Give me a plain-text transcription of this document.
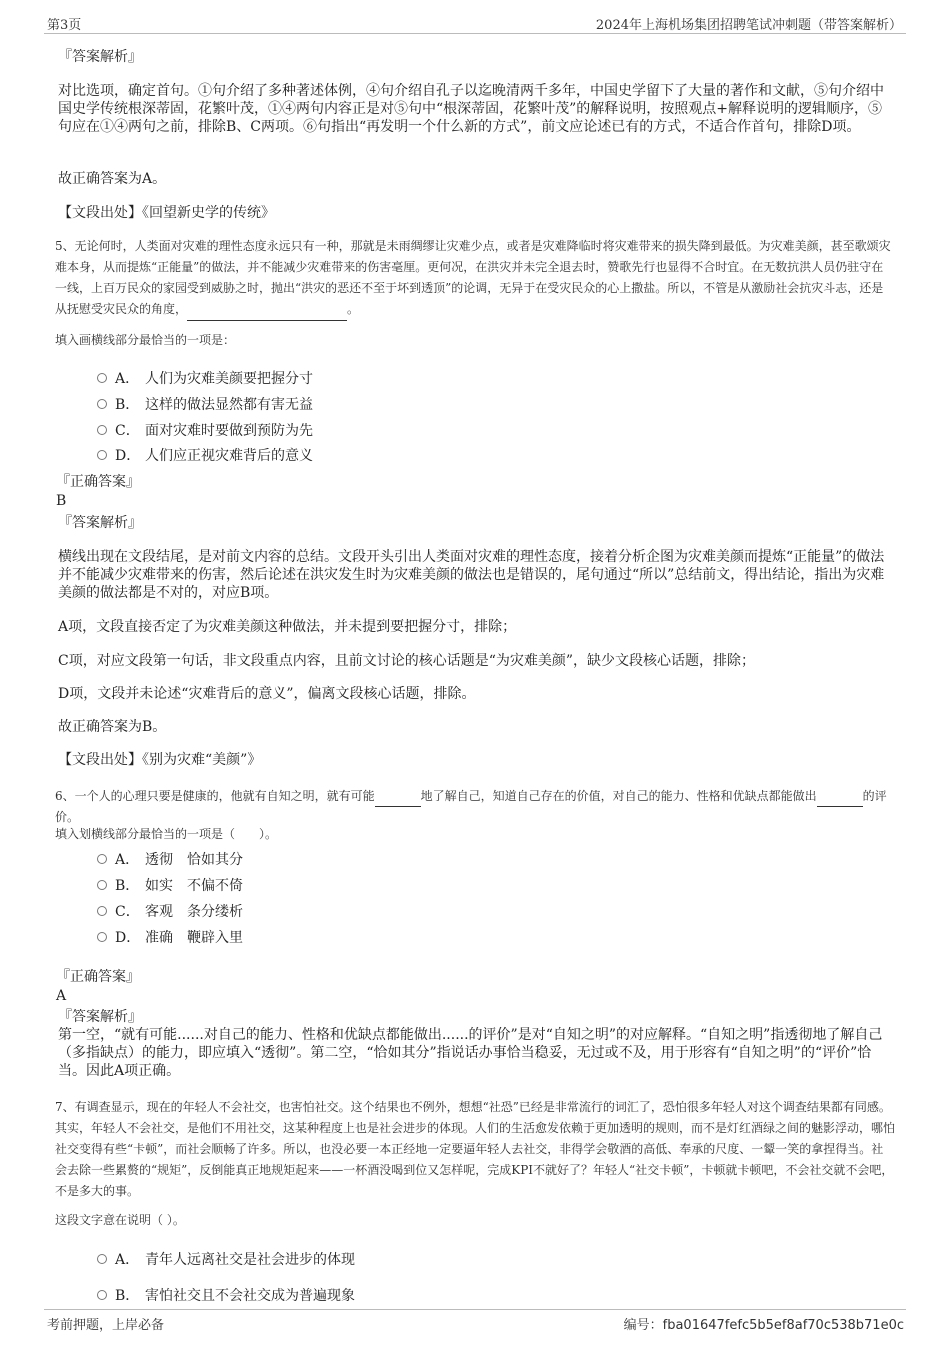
第3页	2024年上海机场集团招聘笔试冲刺题（带答案解析）
『答案解析』
对比选项，确定首句。①句介绍了多种著述体例，④句介绍自孔子以迄晚清两千多年，中国史学留下了大量的著作和文献，⑤句介绍中国史学传统根深蒂固，花繁叶茂，①④两句内容正是对⑤句中“根深蒂固，花繁叶茂”的解释说明，按照观点+解释说明的逻辑顺序，⑤句应在①④两句之前，排除B、C两项。⑥句指出“再发明一个什么新的方式”，前文应论述已有的方式，不适合作首句，排除D项。
故正确答案为A。
【文段出处】《回望新史学的传统》
5、无论何时，人类面对灾难的理性态度永远只有一种，那就是未雨绸缪让灾难少点，或者是灾难降临时将灾难带来的损失降到最低。为灾难美颜，甚至歌颂灾难本身，从而提炼“正能量”的做法，并不能减少灾难带来的伤害毫厘。更何况，在洪灾并未完全退去时，赞歌先行也显得不合时宜。在无数抗洪人员仍驻守在一线，上百万民众的家园受到威胁之时，抛出“洪灾的恶还不至于坏到透顶”的论调，无异于在受灾民众的心上撒盐。所以，不管是从激励社会抗灾斗志，还是从抚慰受灾民众的角度，	。
填入画横线部分最恰当的一项是：
A． 人们为灾难美颜要把握分寸
B． 这样的做法显然都有害无益
C． 面对灾难时要做到预防为先
D． 人们应正视灾难背后的意义
『正确答案』
B
『答案解析』
横线出现在文段结尾，是对前文内容的总结。文段开头引出人类面对灾难的理性态度，接着分析企图为灾难美颜而提炼“正能量”的做法并不能减少灾难带来的伤害，然后论述在洪灾发生时为灾难美颜的做法也是错误的，尾句通过“所以”总结前文，得出结论，指出为灾难美颜的做法都是不对的，对应B项。
A项，文段直接否定了为灾难美颜这种做法，并未提到要把握分寸，排除；
C项，对应文段第一句话，非文段重点内容，且前文讨论的核心话题是“为灾难美颜”，缺少文段核心话题，排除；
D项，文段并未论述“灾难背后的意义”，偏离文段核心话题，排除。
故正确答案为B。
【文段出处】《别为灾难“美颜”》
6、一个人的心理只要是健康的，他就有自知之明，就有可能	地了解自己，知道自己存在的价值，对自己的能力、性格和优缺点都能做出	的评价。
填入划横线部分最恰当的一项是（　　）。
A． 透彻 恰如其分
B． 如实 不偏不倚
C． 客观 条分缕析
D． 准确 鞭辟入里
『正确答案』
A
『答案解析』
第一空，“就有可能......对自己的能力、性格和优缺点都能做出......的评价”是对“自知之明”的对应解释。“自知之明”指透彻地了解自己（多指缺点）的能力，即应填入“透彻”。第二空，“恰如其分”指说话办事恰当稳妥，无过或不及，用于形容有“自知之明”的“评价”恰当。因此A项正确。
7、有调查显示，现在的年轻人不会社交，也害怕社交。这个结果也不例外，想想“社恐”已经是非常流行的词汇了，恐怕很多年轻人对这个调查结果都有同感。其实，年轻人不会社交，是他们不用社交，这某种程度上也是社会进步的体现。人们的生活愈发依赖于更加透明的规则，而不是灯红酒绿之间的魅影浮动，哪怕社交变得有些“卡顿”，而社会顺畅了许多。所以，也没必要一本正经地一定要逼年轻人去社交，非得学会敬酒的高低、奉承的尺度、一颦一笑的拿捏得当。社会去除一些累赘的“规矩”，反倒能真正地规矩起来——一杯酒没喝到位又怎样呢，完成KPI不就好了？年轻人“社交卡顿”，卡顿就卡顿吧，不会社交就不会吧，不是多大的事。
这段文字意在说明（ ）。
A． 青年人远离社交是社会进步的体现
B． 害怕社交且不会社交成为普遍现象
考前押题，上岸必备	编号：fba01647fefc5b5ef8af70c538b71e0c
